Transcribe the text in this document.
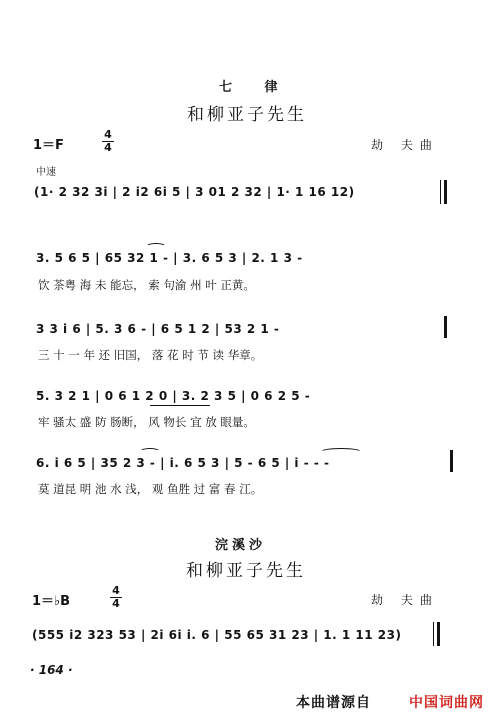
七 律
和柳亚子先生
1＝F
4
4	劫 夫曲
中速
(1· 2 32 3i | 2 i2 6i 5 | 3 01 2 32 | 1· 1 16 12)
3. 5 6 5 | 65 32 1 - | 3. 6 5 3 | 2. 1 3 -
饮 茶粤 海 未 能忘， 索 句渝 州 叶 正黄。
3 3 i 6 | 5. 3 6 - | 6 5 1 2 | 53 2 1 -
三 十 一 年 还 旧国， 落 花 时 节 读 华章。
5. 3 2 1 | 0 6 1 2 0 | 3. 2 3 5 | 0 6 2 5 -
牢 骚太 盛 防 肠断， 风 物长 宜 放 眼量。
6. i 6 5 | 35 2 3 - | i. 6 5 3 | 5 - 6 5 | i - - -
莫 道昆 明 池 水 浅， 观 鱼胜 过 富 春 江。
浣溪沙
和柳亚子先生
1＝♭B
4
4	劫 夫曲
(555 i2 323 53 | 2i 6i i. 6 | 55 65 31 23 | 1. 1 11 23)
· 164 ·
本曲谱源自	中国词曲网
